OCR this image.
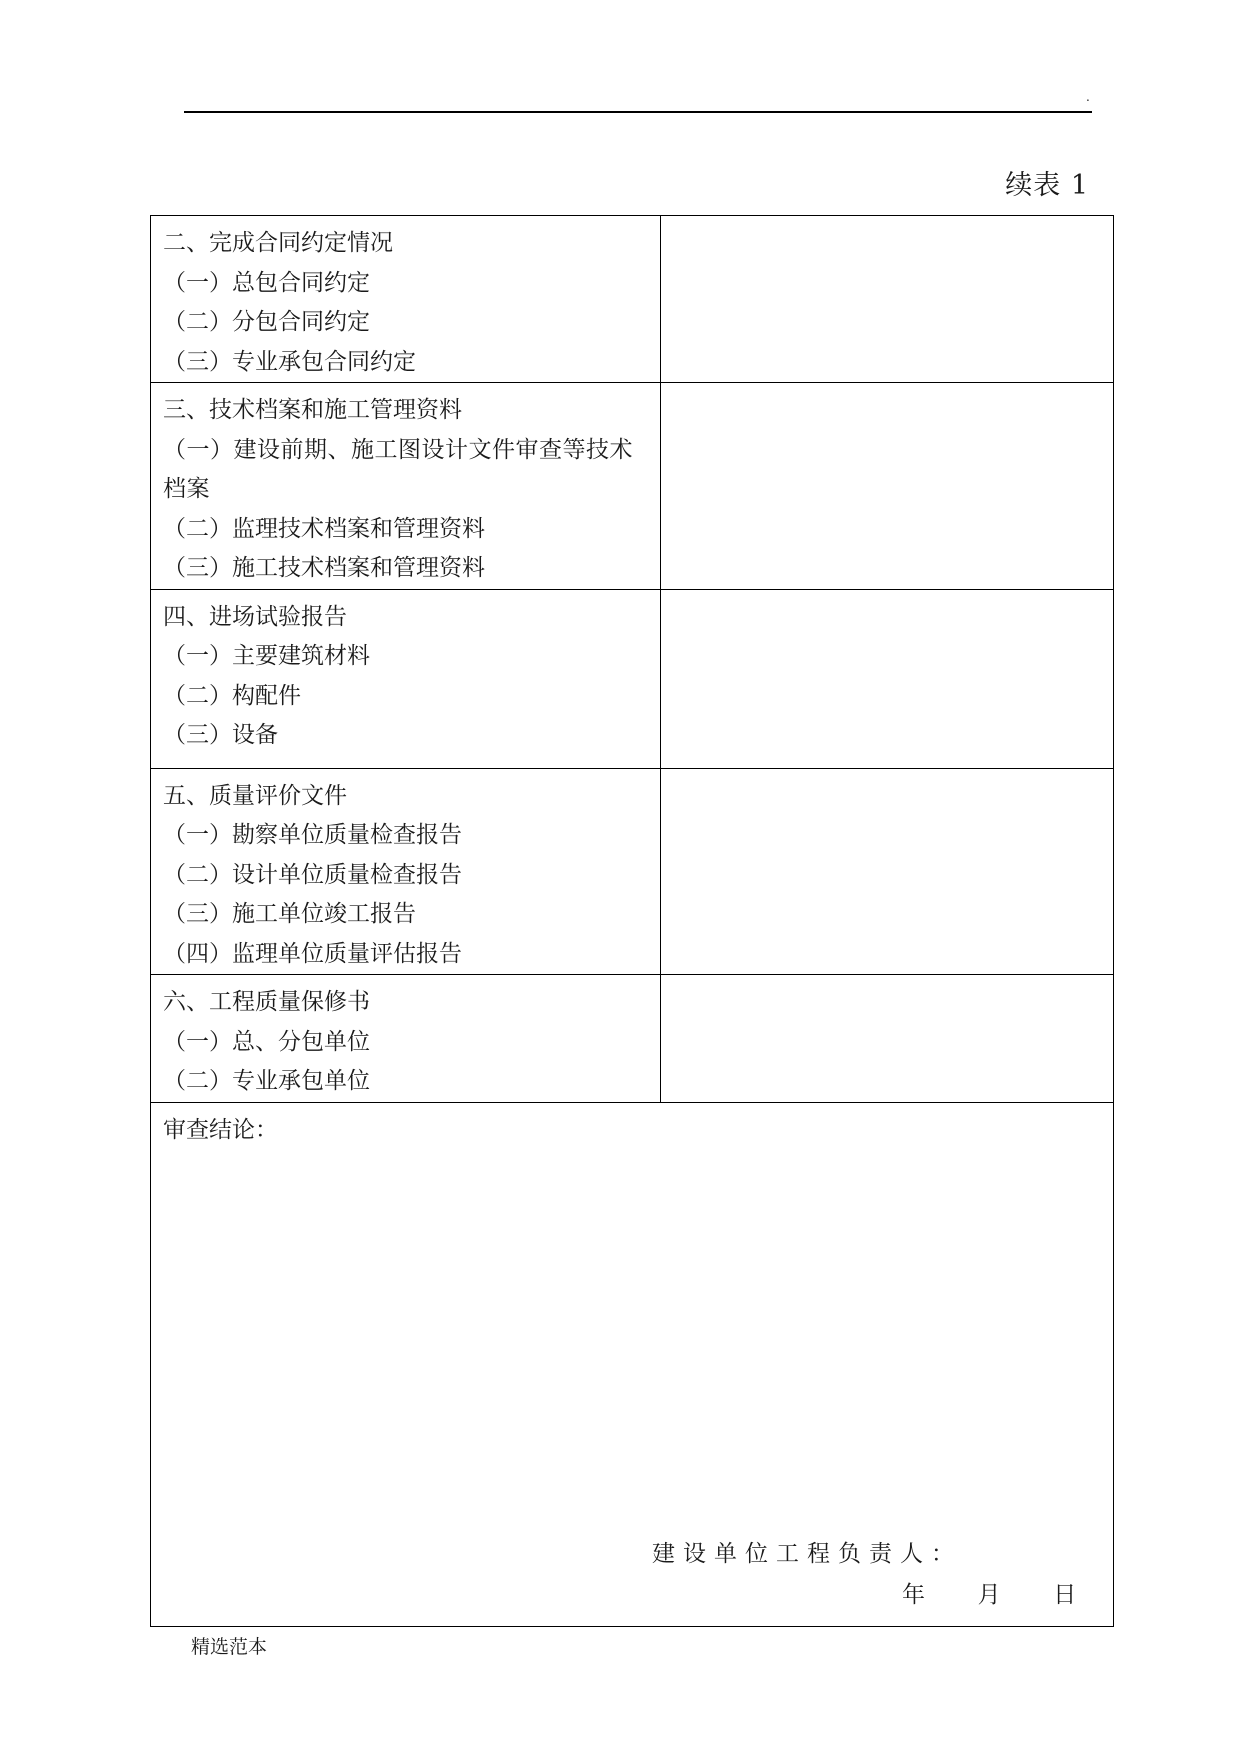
.
续表 1
二、完成合同约定情况
（一）总包合同约定
（二）分包合同约定
（三）专业承包合同约定	

三、技术档案和施工管理资料
（一）建设前期、施工图设计文件审查等技术档案
（二）监理技术档案和管理资料
（三）施工技术档案和管理资料	

四、进场试验报告
（一）主要建筑材料
（二）构配件
（三）设备	

五、质量评价文件
（一）勘察单位质量检查报告
（二）设计单位质量检查报告
（三）施工单位竣工报告
（四）监理单位质量评估报告	

六、工程质量保修书
（一）总、分包单位
（二）专业承包单位	

审查结论：
建设单位工程负责人：
年 月 日	
精选范本
